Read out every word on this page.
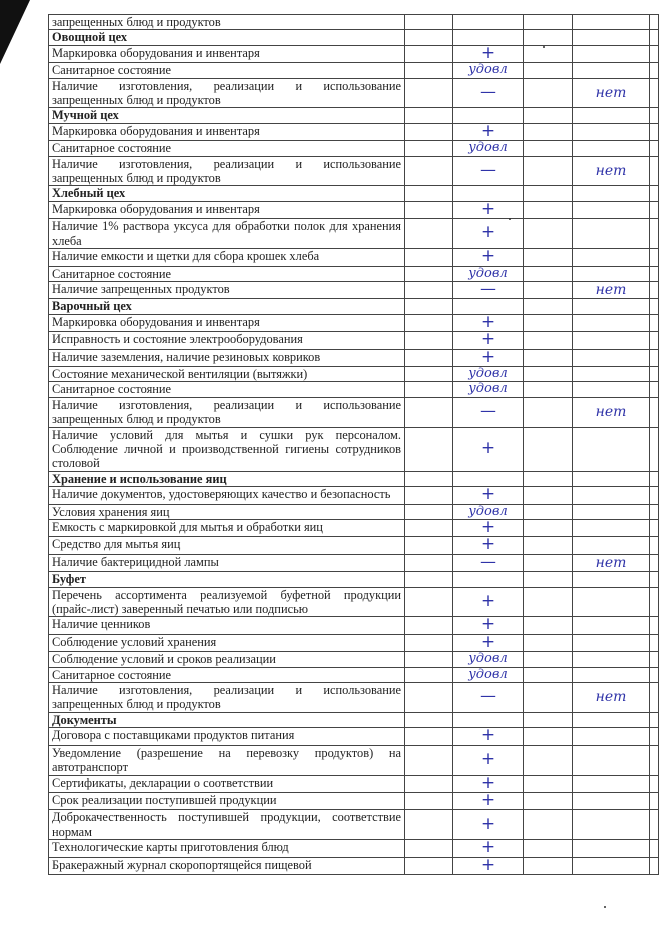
запрещенных блюд и продуктов					
Овощной цех					
Маркировка оборудования и инвентаря		+			
Санитарное состояние		удовл			
Наличие изготовления, реализации и использование запрещенных блюд и продуктов		—		нет	
Мучной цех					
Маркировка оборудования и инвентаря		+			
Санитарное состояние		удовл			
Наличие изготовления, реализации и использование запрещенных блюд и продуктов		—		нет	
Хлебный цех					
Маркировка оборудования и инвентаря		+			
Наличие 1% раствора уксуса для обработки полок для хранения хлеба		+			
Наличие емкости и щетки для сбора крошек хлеба		+			
Санитарное состояние		удовл			
Наличие запрещенных продуктов		—		нет	
Варочный цех					
Маркировка оборудования и инвентаря		+			
Исправность и состояние электрооборудования		+			
Наличие заземления, наличие резиновых ковриков		+			
Состояние механической вентиляции (вытяжки)		удовл			
Санитарное состояние		удовл			
Наличие изготовления, реализации и использование запрещенных блюд и продуктов		—		нет	
Наличие условий для мытья и сушки рук персоналом. Соблюдение личной и производственной гигиены сотрудников столовой		+			
Хранение и использование яиц					
Наличие документов, удостоверяющих качество и безопасность		+			
Условия хранения яиц		удовл			
Емкость с маркировкой для мытья и обработки яиц		+			
Средство для мытья яиц		+			
Наличие бактерицидной лампы		—		нет	
Буфет					
Перечень ассортимента реализуемой буфетной продукции (прайс-лист) заверенный печатью или подписью		+			
Наличие ценников		+			
Соблюдение условий хранения		+			
Соблюдение условий и сроков реализации		удовл			
Санитарное состояние		удовл			
Наличие изготовления, реализации и использование запрещенных блюд и продуктов		—		нет	
Документы					
Договора с поставщиками продуктов питания		+			
Уведомление (разрешение на перевозку продуктов) на автотранспорт		+			
Сертификаты, декларации о соответствии		+			
Срок реализации поступившей продукции		+			
Доброкачественность поступившей продукции, соответствие нормам		+			
Технологические карты приготовления блюд		+			
Бракеражный журнал скоропортящейся пищевой		+			
